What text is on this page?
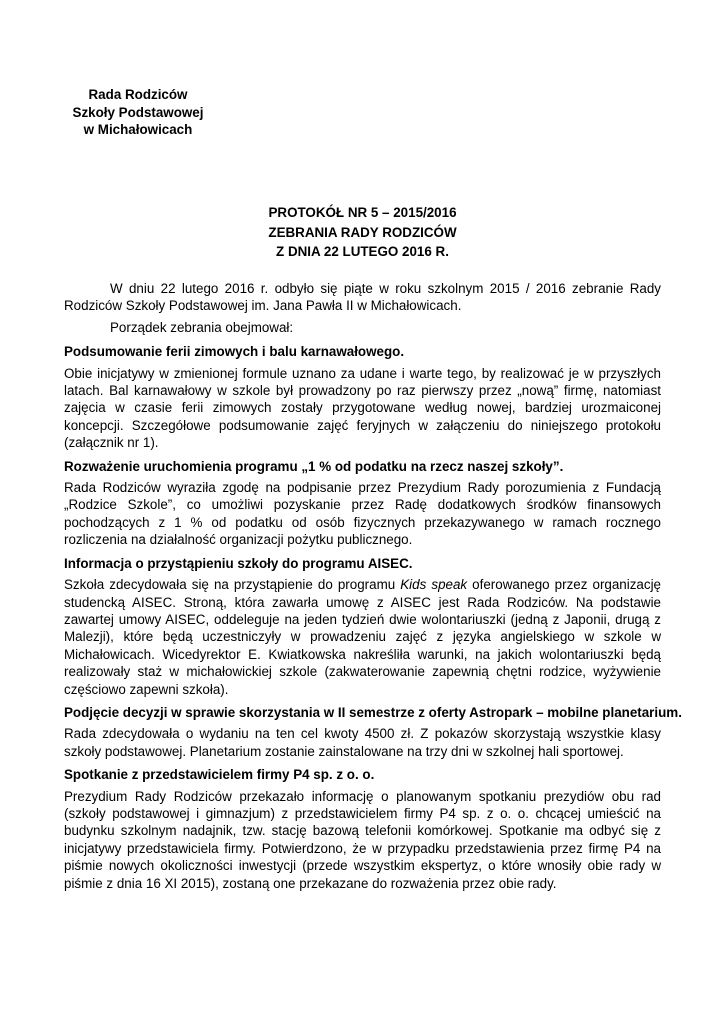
Rada Rodziców
Szkoły Podstawowej
w Michałowicach
PROTOKÓŁ NR 5 – 2015/2016
ZEBRANIA RADY RODZICÓW
Z DNIA 22 LUTEGO 2016 R.

W dniu 22 lutego 2016 r. odbyło się piąte w roku szkolnym 2015 / 2016 zebranie Rady Rodziców Szkoły Podstawowej im. Jana Pawła II w Michałowicach.

Porządek zebrania obejmował:

Podsumowanie ferii zimowych i balu karnawałowego.

Obie inicjatywy w zmienionej formule uznano za udane i warte tego, by realizować je w przyszłych latach. Bal karnawałowy w szkole był prowadzony po raz pierwszy przez „nową” firmę, natomiast zajęcia w czasie ferii zimowych zostały przygotowane według nowej, bardziej urozmaiconej koncepcji. Szczegółowe podsumowanie zajęć feryjnych w załączeniu do niniejszego protokołu (załącznik nr 1).

Rozważenie uruchomienia programu „1 % od podatku na rzecz naszej szkoły”.

Rada Rodziców wyraziła zgodę na podpisanie przez Prezydium Rady porozumienia z Fundacją „Rodzice Szkole”, co umożliwi pozyskanie przez Radę dodatkowych środków finansowych pochodzących z 1 % od podatku od osób fizycznych przekazywanego w ramach rocznego rozliczenia na działalność organizacji pożytku publicznego.

Informacja o przystąpieniu szkoły do programu AISEC.

Szkoła zdecydowała się na przystąpienie do programu Kids speak oferowanego przez organizację studencką AISEC. Stroną, która zawarła umowę z AISEC jest Rada Rodziców. Na podstawie zawartej umowy AISEC, oddeleguje na jeden tydzień dwie wolontariuszki (jedną z Japonii, drugą z Malezji), które będą uczestniczyły w prowadzeniu zajęć z języka angielskiego w szkole w Michałowicach. Wicedyrektor E. Kwiatkowska nakreśliła warunki, na jakich wolontariuszki będą realizowały staż w michałowickiej szkole (zakwaterowanie zapewnią chętni rodzice, wyżywienie częściowo zapewni szkoła).

Podjęcie decyzji w sprawie skorzystania w II semestrze z oferty Astropark – mobilne planetarium.

Rada zdecydowała o wydaniu na ten cel kwoty 4500 zł. Z pokazów skorzystają wszystkie klasy szkoły podstawowej. Planetarium zostanie zainstalowane na trzy dni w szkolnej hali sportowej.

Spotkanie z przedstawicielem firmy P4 sp. z o. o.

Prezydium Rady Rodziców przekazało informację o planowanym spotkaniu prezydiów obu rad (szkoły podstawowej i gimnazjum) z przedstawicielem firmy P4 sp. z o. o. chcącej umieścić na budynku szkolnym nadajnik, tzw. stację bazową telefonii komórkowej. Spotkanie ma odbyć się z inicjatywy przedstawiciela firmy. Potwierdzono, że w przypadku przedstawienia przez firmę P4 na piśmie nowych okoliczności inwestycji (przede wszystkim ekspertyz, o które wnosiły obie rady w piśmie z dnia 16 XI 2015), zostaną one przekazane do rozważenia przez obie rady.
